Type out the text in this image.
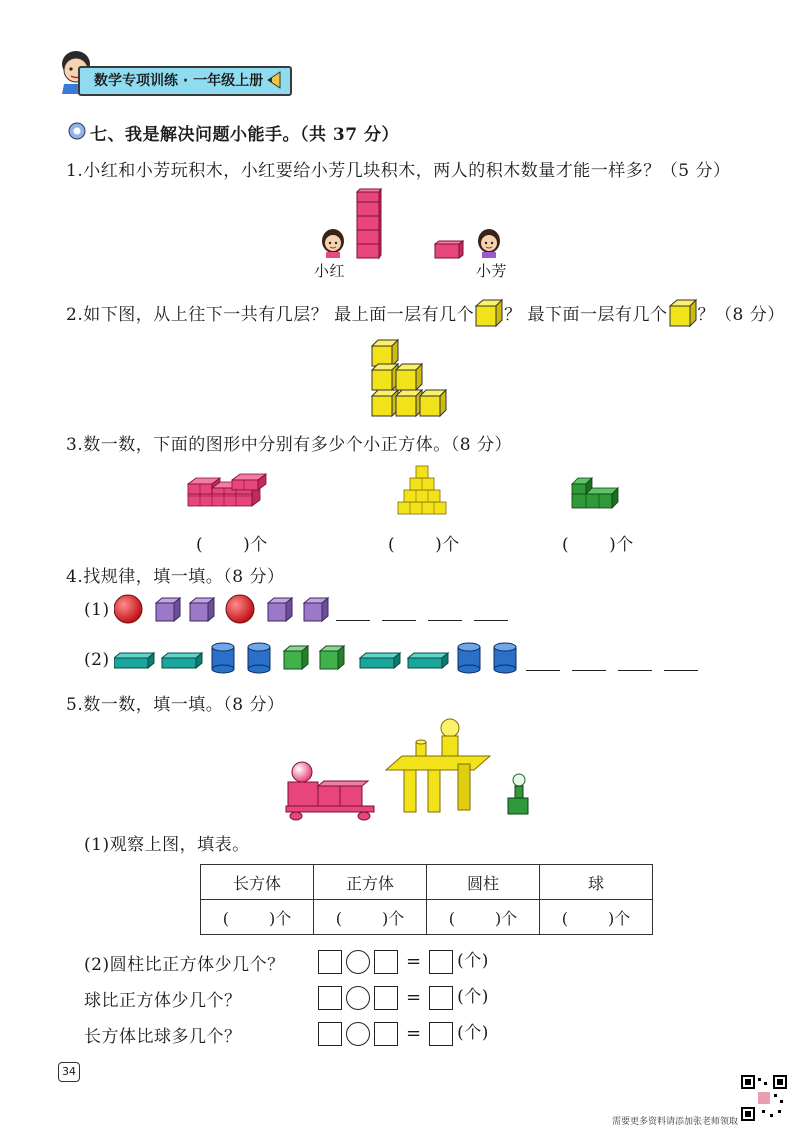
数学专项训练 · 一年级上册
七、我是解决问题小能手。（共 37 分）
1.小红和小芳玩积木，小红要给小芳几块积木，两人的积木数量才能一样多？（5 分）
小红	小芳
2.如下图，从上往下一共有几层？ 最上面一层有几个 ？ 最下面一层有几个 ？（8 分）
3.数一数，下面的图形中分别有多少个小正方体。（8 分）
( )个	( )个	( )个
4.找规律，填一填。（8 分）
(1)
(2)
5.数一数，填一填。（8 分）
(1)观察上图，填表。
长方体	正方体	圆柱	球
( )个	( )个	( )个	( )个
(2)圆柱比正方体少几个？	= (个)
球比正方体少几个？	= (个)
长方体比球多几个？	= (个)
34
需要更多资料请添加张老师领取
